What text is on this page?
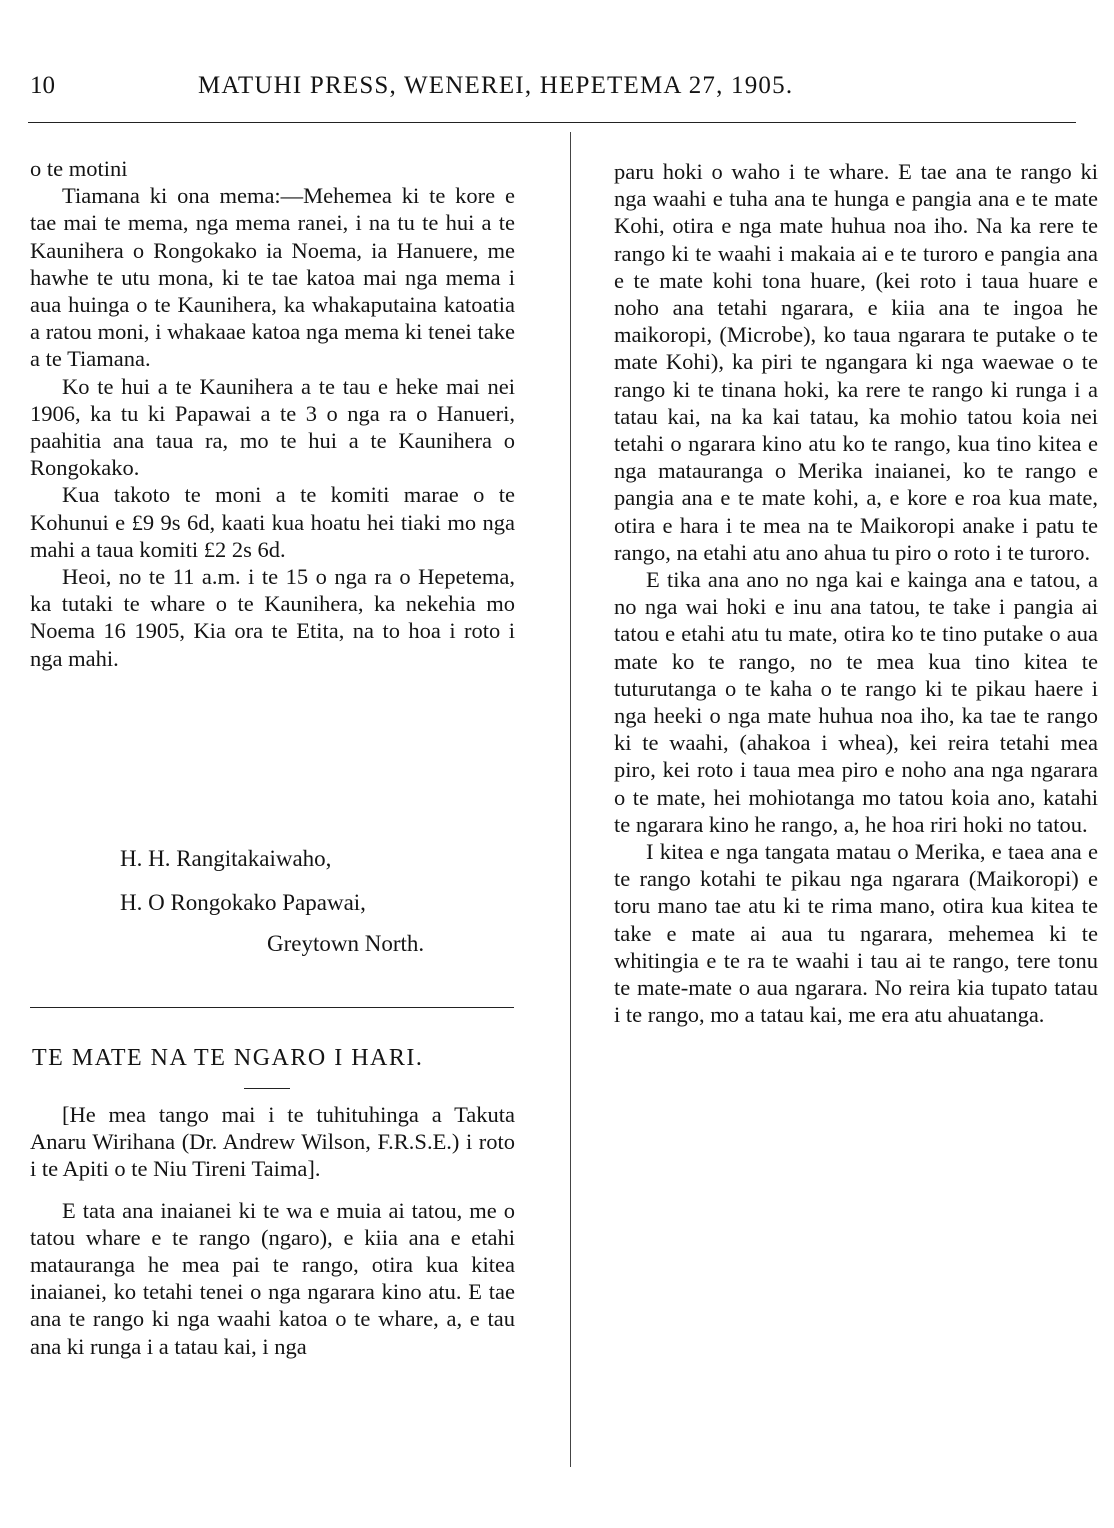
10	MATUHI PRESS, WENEREI, HEPETEMA 27, 1905.

o te motini

Tiamana ki ona mema:—Mehemea ki te kore e tae mai te mema, nga mema ranei, i na tu te hui a te Kaunihera o Rongokako ia Noema, ia Hanuere, me hawhe te utu mona, ki te tae katoa mai nga mema i aua huinga o te Kaunihera, ka whakaputaina katoatia a ratou moni, i whakaae katoa nga mema ki tenei take a te Tiamana.

Ko te hui a te Kaunihera a te tau e heke mai nei 1906, ka tu ki Papawai a te 3 o nga ra o Hanueri, paahitia ana taua ra, mo te hui a te Kaunihera o Rongokako.

Kua takoto te moni a te komiti marae o te Kohunui e £9 9s 6d, kaati kua hoatu hei tiaki mo nga mahi a taua komiti £2 2s 6d.

Heoi, no te 11 a.m. i te 15 o nga ra o Hepetema, ka tutaki te whare o te Kaunihera, ka nekehia mo Noema 16 1905, Kia ora te Etita, na to hoa i roto i nga mahi.

H. H. Rangitakaiwaho,
H. O Rongokako Papawai,
Greytown North.
TE MATE NA TE NGARO I HARI.

[He mea tango mai i te tuhituhinga a Takuta Anaru Wirihana (Dr. Andrew Wilson, F.R.S.E.) i roto i te Apiti o te Niu Tireni Taima].

E tata ana inaianei ki te wa e muia ai tatou, me o tatou whare e te rango (ngaro), e kiia ana e etahi matauranga he mea pai te rango, otira kua kitea inaianei, ko tetahi tenei o nga ngarara kino atu. E tae ana te rango ki nga waahi katoa o te whare, a, e tau ana ki runga i a tatau kai, i nga

paru hoki o waho i te whare. E tae ana te rango ki nga waahi e tuha ana te hunga e pangia ana e te mate Kohi, otira e nga mate huhua noa iho. Na ka rere te rango ki te waahi i makaia ai e te turoro e pangia ana e te mate kohi tona huare, (kei roto i taua huare e noho ana tetahi ngarara, e kiia ana te ingoa he maikoropi, (Microbe), ko taua ngarara te putake o te mate Kohi), ka piri te ngangara ki nga waewae o te rango ki te tinana hoki, ka rere te rango ki runga i a tatau kai, na ka kai tatau, ka mohio tatou koia nei tetahi o ngarara kino atu ko te rango, kua tino kitea e nga matauranga o Merika inaianei, ko te rango e pangia ana e te mate kohi, a, e kore e roa kua mate, otira e hara i te mea na te Maikoropi anake i patu te rango, na etahi atu ano ahua tu piro o roto i te turoro.

E tika ana ano no nga kai e kainga ana e tatou, a no nga wai hoki e inu ana tatou, te take i pangia ai tatou e etahi atu tu mate, otira ko te tino putake o aua mate ko te rango, no te mea kua tino kitea te tuturutanga o te kaha o te rango ki te pikau haere i nga heeki o nga mate huhua noa iho, ka tae te rango ki te waahi, (ahakoa i whea), kei reira tetahi mea piro, kei roto i taua mea piro e noho ana nga ngarara o te mate, hei mohiotanga mo tatou koia ano, katahi te ngarara kino he rango, a, he hoa riri hoki no tatou.

I kitea e nga tangata matau o Merika, e taea ana e te rango kotahi te pikau nga ngarara (Maikoropi) e toru mano tae atu ki te rima mano, otira kua kitea te take e mate ai aua tu ngarara, mehemea ki te whitingia e te ra te waahi i tau ai te rango, tere tonu te mate-mate o aua ngarara. No reira kia tupato tatau i te rango, mo a tatau kai, me era atu ahuatanga.
